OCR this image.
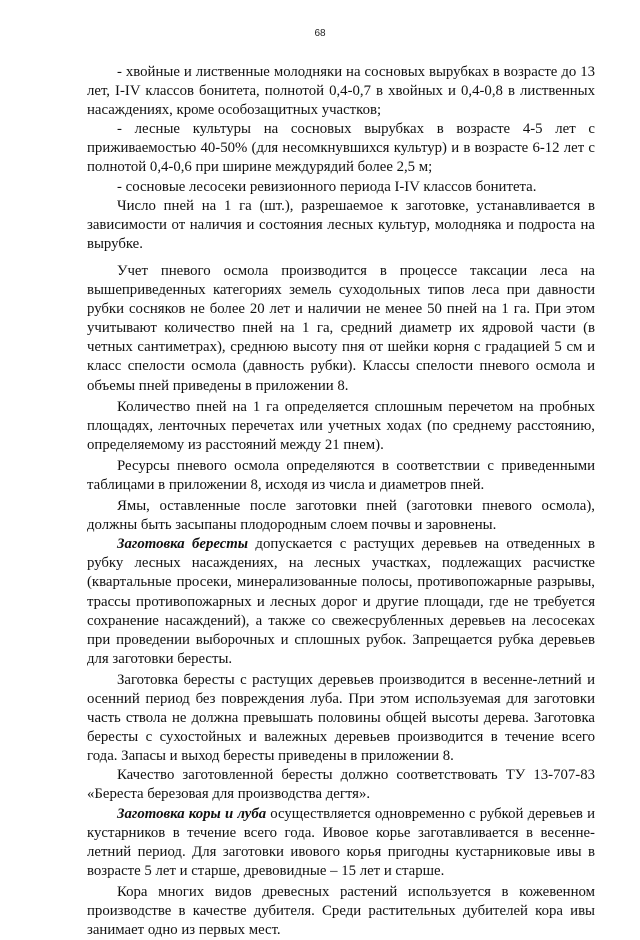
68

- хвойные и лиственные молодняки на сосновых вырубках в возрасте до 13 лет, I-IV классов бонитета, полнотой 0,4-0,7 в хвойных и 0,4-0,8 в лиственных насаждениях, кроме особозащитных участков;

- лесные культуры на сосновых вырубках в возрасте 4-5 лет с приживаемостью 40-50% (для несомкнувшихся культур) и в возрасте 6-12 лет с полнотой 0,4-0,6 при ширине междурядий более 2,5 м;

- сосновые лесосеки ревизионного периода I-IV классов бонитета.

Число пней на 1 га (шт.), разрешаемое к заготовке, устанавливается в зависимости от наличия и состояния лесных культур, молодняка и подроста на вырубке.

Учет пневого осмола производится в процессе таксации леса на вышеприведенных категориях земель суходольных типов леса при давности рубки сосняков не более 20 лет и наличии не менее 50 пней на 1 га. При этом учитывают количество пней на 1 га, средний диаметр их ядровой части (в четных сантиметрах), среднюю высоту пня от шейки корня с градацией 5 см и класс спелости осмола (давность рубки). Классы спелости пневого осмола и объемы пней приведены в приложении 8.

Количество пней на 1 га определяется сплошным перечетом на пробных площадях, ленточных перечетах или учетных ходах (по среднему расстоянию, определяемому из расстояний между 21 пнем).

Ресурсы пневого осмола определяются в соответствии с приведенными таблицами в приложении 8, исходя из числа и диаметров пней.

Ямы, оставленные после заготовки пней (заготовки пневого осмола), должны быть засыпаны плодородным слоем почвы и заровнены.

Заготовка бересты допускается с растущих деревьев на отведенных в рубку лесных насаждениях, на лесных участках, подлежащих расчистке (квартальные просеки, минерализованные полосы, противопожарные разрывы, трассы противопожарных и лесных дорог и другие площади, где не требуется сохранение насаждений), а также со свежесрубленных деревьев на лесосеках при проведении выборочных и сплошных рубок. Запрещается рубка деревьев для заготовки бересты.

Заготовка бересты с растущих деревьев производится в весенне-летний и осенний период без повреждения луба. При этом используемая для заготовки часть ствола не должна превышать половины общей высоты дерева. Заготовка бересты с сухостойных и валежных деревьев производится в течение всего года. Запасы и выход бересты приведены в приложении 8.

Качество заготовленной бересты должно соответствовать ТУ 13-707-83 «Береста березовая для производства дегтя».

Заготовка коры и луба осуществляется одновременно с рубкой деревьев и кустарников в течение всего года. Ивовое корье заготавливается в весенне-летний период. Для заготовки ивового корья пригодны кустарниковые ивы в возрасте 5 лет и старше, древовидные – 15 лет и старше.

Кора многих видов древесных растений используется в кожевенном производстве в качестве дубителя. Среди растительных дубителей кора ивы занимает одно из первых мест.
